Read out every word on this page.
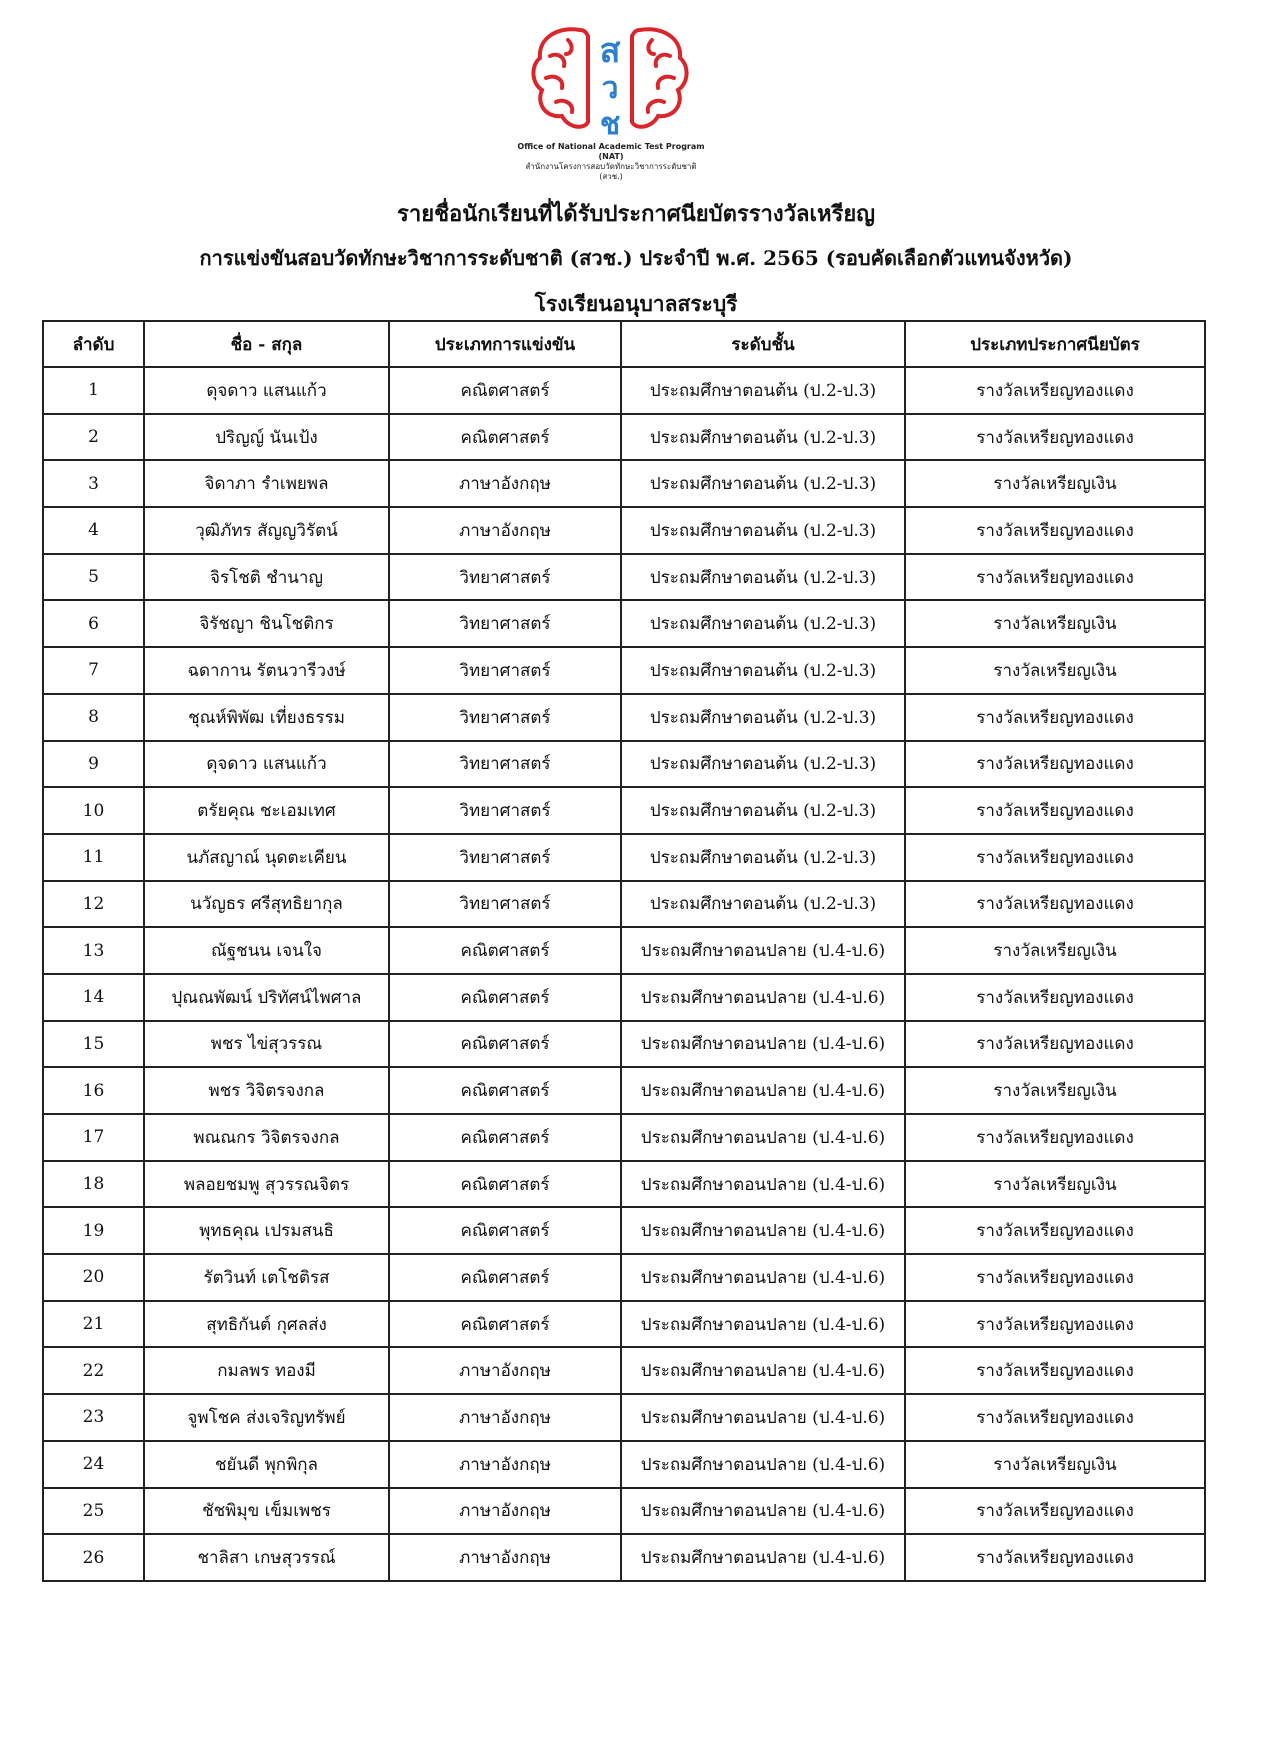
ส
ว
ช
Office of National Academic Test Program (NAT)
สำนักงานโครงการสอบวัดทักษะวิชาการระดับชาติ (สวช.)
รายชื่อนักเรียนที่ได้รับประกาศนียบัตรรางวัลเหรียญ
การแข่งขันสอบวัดทักษะวิชาการระดับชาติ (สวช.) ประจำปี พ.ศ. 2565 (รอบคัดเลือกตัวแทนจังหวัด)
โรงเรียนอนุบาลสระบุรี
ลำดับ	ชื่อ - สกุล	ประเภทการแข่งขัน	ระดับชั้น	ประเภทประกาศนียบัตร
1	ดุจดาว แสนแก้ว	คณิตศาสตร์	ประถมศึกษาตอนต้น (ป.2-ป.3)	รางวัลเหรียญทองแดง
2	ปริญญ์ นันเป้ง	คณิตศาสตร์	ประถมศึกษาตอนต้น (ป.2-ป.3)	รางวัลเหรียญทองแดง
3	จิดาภา รำเพยพล	ภาษาอังกฤษ	ประถมศึกษาตอนต้น (ป.2-ป.3)	รางวัลเหรียญเงิน
4	วุฒิภัทร สัญญวิรัตน์	ภาษาอังกฤษ	ประถมศึกษาตอนต้น (ป.2-ป.3)	รางวัลเหรียญทองแดง
5	จิรโชติ ชำนาญ	วิทยาศาสตร์	ประถมศึกษาตอนต้น (ป.2-ป.3)	รางวัลเหรียญทองแดง
6	จิรัชญา ชินโชติกร	วิทยาศาสตร์	ประถมศึกษาตอนต้น (ป.2-ป.3)	รางวัลเหรียญเงิน
7	ฉดากาน รัตนวารีวงษ์	วิทยาศาสตร์	ประถมศึกษาตอนต้น (ป.2-ป.3)	รางวัลเหรียญเงิน
8	ชุณห์พิพัฒ เที่ยงธรรม	วิทยาศาสตร์	ประถมศึกษาตอนต้น (ป.2-ป.3)	รางวัลเหรียญทองแดง
9	ดุจดาว แสนแก้ว	วิทยาศาสตร์	ประถมศึกษาตอนต้น (ป.2-ป.3)	รางวัลเหรียญทองแดง
10	ตรัยคุณ ชะเอมเทศ	วิทยาศาสตร์	ประถมศึกษาตอนต้น (ป.2-ป.3)	รางวัลเหรียญทองแดง
11	นภัสญาณ์ นุดตะเคียน	วิทยาศาสตร์	ประถมศึกษาตอนต้น (ป.2-ป.3)	รางวัลเหรียญทองแดง
12	นวัญธร ศรีสุทธิยากุล	วิทยาศาสตร์	ประถมศึกษาตอนต้น (ป.2-ป.3)	รางวัลเหรียญทองแดง
13	ณัฐชนน เจนใจ	คณิตศาสตร์	ประถมศึกษาตอนปลาย (ป.4-ป.6)	รางวัลเหรียญเงิน
14	ปุณณพัฒน์ ปริทัศน์ไพศาล	คณิตศาสตร์	ประถมศึกษาตอนปลาย (ป.4-ป.6)	รางวัลเหรียญทองแดง
15	พชร ไข่สุวรรณ	คณิตศาสตร์	ประถมศึกษาตอนปลาย (ป.4-ป.6)	รางวัลเหรียญทองแดง
16	พชร วิจิตรจงกล	คณิตศาสตร์	ประถมศึกษาตอนปลาย (ป.4-ป.6)	รางวัลเหรียญเงิน
17	พณณกร วิจิตรจงกล	คณิตศาสตร์	ประถมศึกษาตอนปลาย (ป.4-ป.6)	รางวัลเหรียญทองแดง
18	พลอยชมพู สุวรรณจิตร	คณิตศาสตร์	ประถมศึกษาตอนปลาย (ป.4-ป.6)	รางวัลเหรียญเงิน
19	พุทธคุณ เปรมสนธิ	คณิตศาสตร์	ประถมศึกษาตอนปลาย (ป.4-ป.6)	รางวัลเหรียญทองแดง
20	รัตวินท์ เตโชติรส	คณิตศาสตร์	ประถมศึกษาตอนปลาย (ป.4-ป.6)	รางวัลเหรียญทองแดง
21	สุทธิกันต์ กุศลส่ง	คณิตศาสตร์	ประถมศึกษาตอนปลาย (ป.4-ป.6)	รางวัลเหรียญทองแดง
22	กมลพร ทองมี	ภาษาอังกฤษ	ประถมศึกษาตอนปลาย (ป.4-ป.6)	รางวัลเหรียญทองแดง
23	จูพโชค ส่งเจริญทรัพย์	ภาษาอังกฤษ	ประถมศึกษาตอนปลาย (ป.4-ป.6)	รางวัลเหรียญทองแดง
24	ชยันดี พุกพิกุล	ภาษาอังกฤษ	ประถมศึกษาตอนปลาย (ป.4-ป.6)	รางวัลเหรียญเงิน
25	ชัชพิมุข เข็มเพชร	ภาษาอังกฤษ	ประถมศึกษาตอนปลาย (ป.4-ป.6)	รางวัลเหรียญทองแดง
26	ชาลิสา เกษสุวรรณ์	ภาษาอังกฤษ	ประถมศึกษาตอนปลาย (ป.4-ป.6)	รางวัลเหรียญทองแดง
